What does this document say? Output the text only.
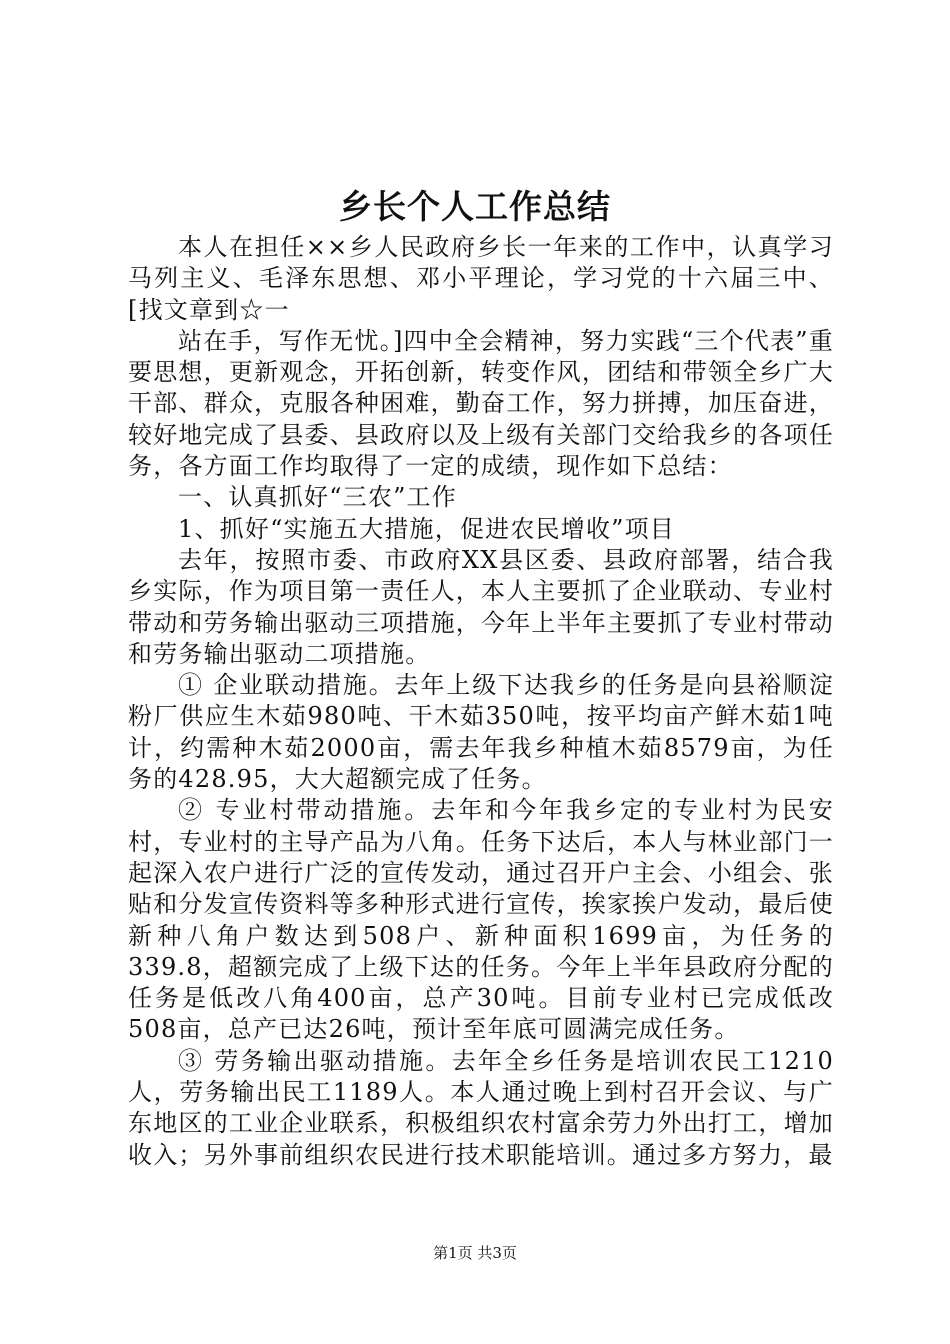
乡长个人工作总结

本人在担任××乡人民政府乡长一年来的工作中，认真学习马列主义、毛泽东思想、邓小平理论，学习党的十六届三中、[找文章到☆一

站在手，写作无忧。]四中全会精神，努力实践“三个代表”重要思想，更新观念，开拓创新，转变作风，团结和带领全乡广大干部、群众，克服各种困难，勤奋工作，努力拼搏，加压奋进，较好地完成了县委、县政府以及上级有关部门交给我乡的各项任务，各方面工作均取得了一定的成绩，现作如下总结：

一、认真抓好“三农”工作

1、抓好“实施五大措施，促进农民增收”项目

去年，按照市委、市政府XX县区委、县政府部署，结合我乡实际，作为项目第一责任人，本人主要抓了企业联动、专业村带动和劳务输出驱动三项措施，今年上半年主要抓了专业村带动和劳务输出驱动二项措施。

① 企业联动措施。去年上级下达我乡的任务是向县裕顺淀粉厂供应生木茹980吨、干木茹350吨，按平均亩产鲜木茹1吨计，约需种木茹2000亩，需去年我乡种植木茹8579亩，为任务的428.95，大大超额完成了任务。

② 专业村带动措施。去年和今年我乡定的专业村为民安村，专业村的主导产品为八角。任务下达后，本人与林业部门一起深入农户进行广泛的宣传发动，通过召开户主会、小组会、张贴和分发宣传资料等多种形式进行宣传，挨家挨户发动，最后使新种八角户数达到508户、新种面积1699亩，为任务的339.8，超额完成了上级下达的任务。今年上半年县政府分配的任务是低改八角400亩，总产30吨。目前专业村已完成低改508亩，总产已达26吨，预计至年底可圆满完成任务。

③ 劳务输出驱动措施。去年全乡任务是培训农民工1210人，劳务输出民工1189人。本人通过晚上到村召开会议、与广东地区的工业企业联系，积极组织农村富余劳力外出打工，增加收入；另外事前组织农民进行技术职能培训。通过多方努力，最

第1页 共3页
